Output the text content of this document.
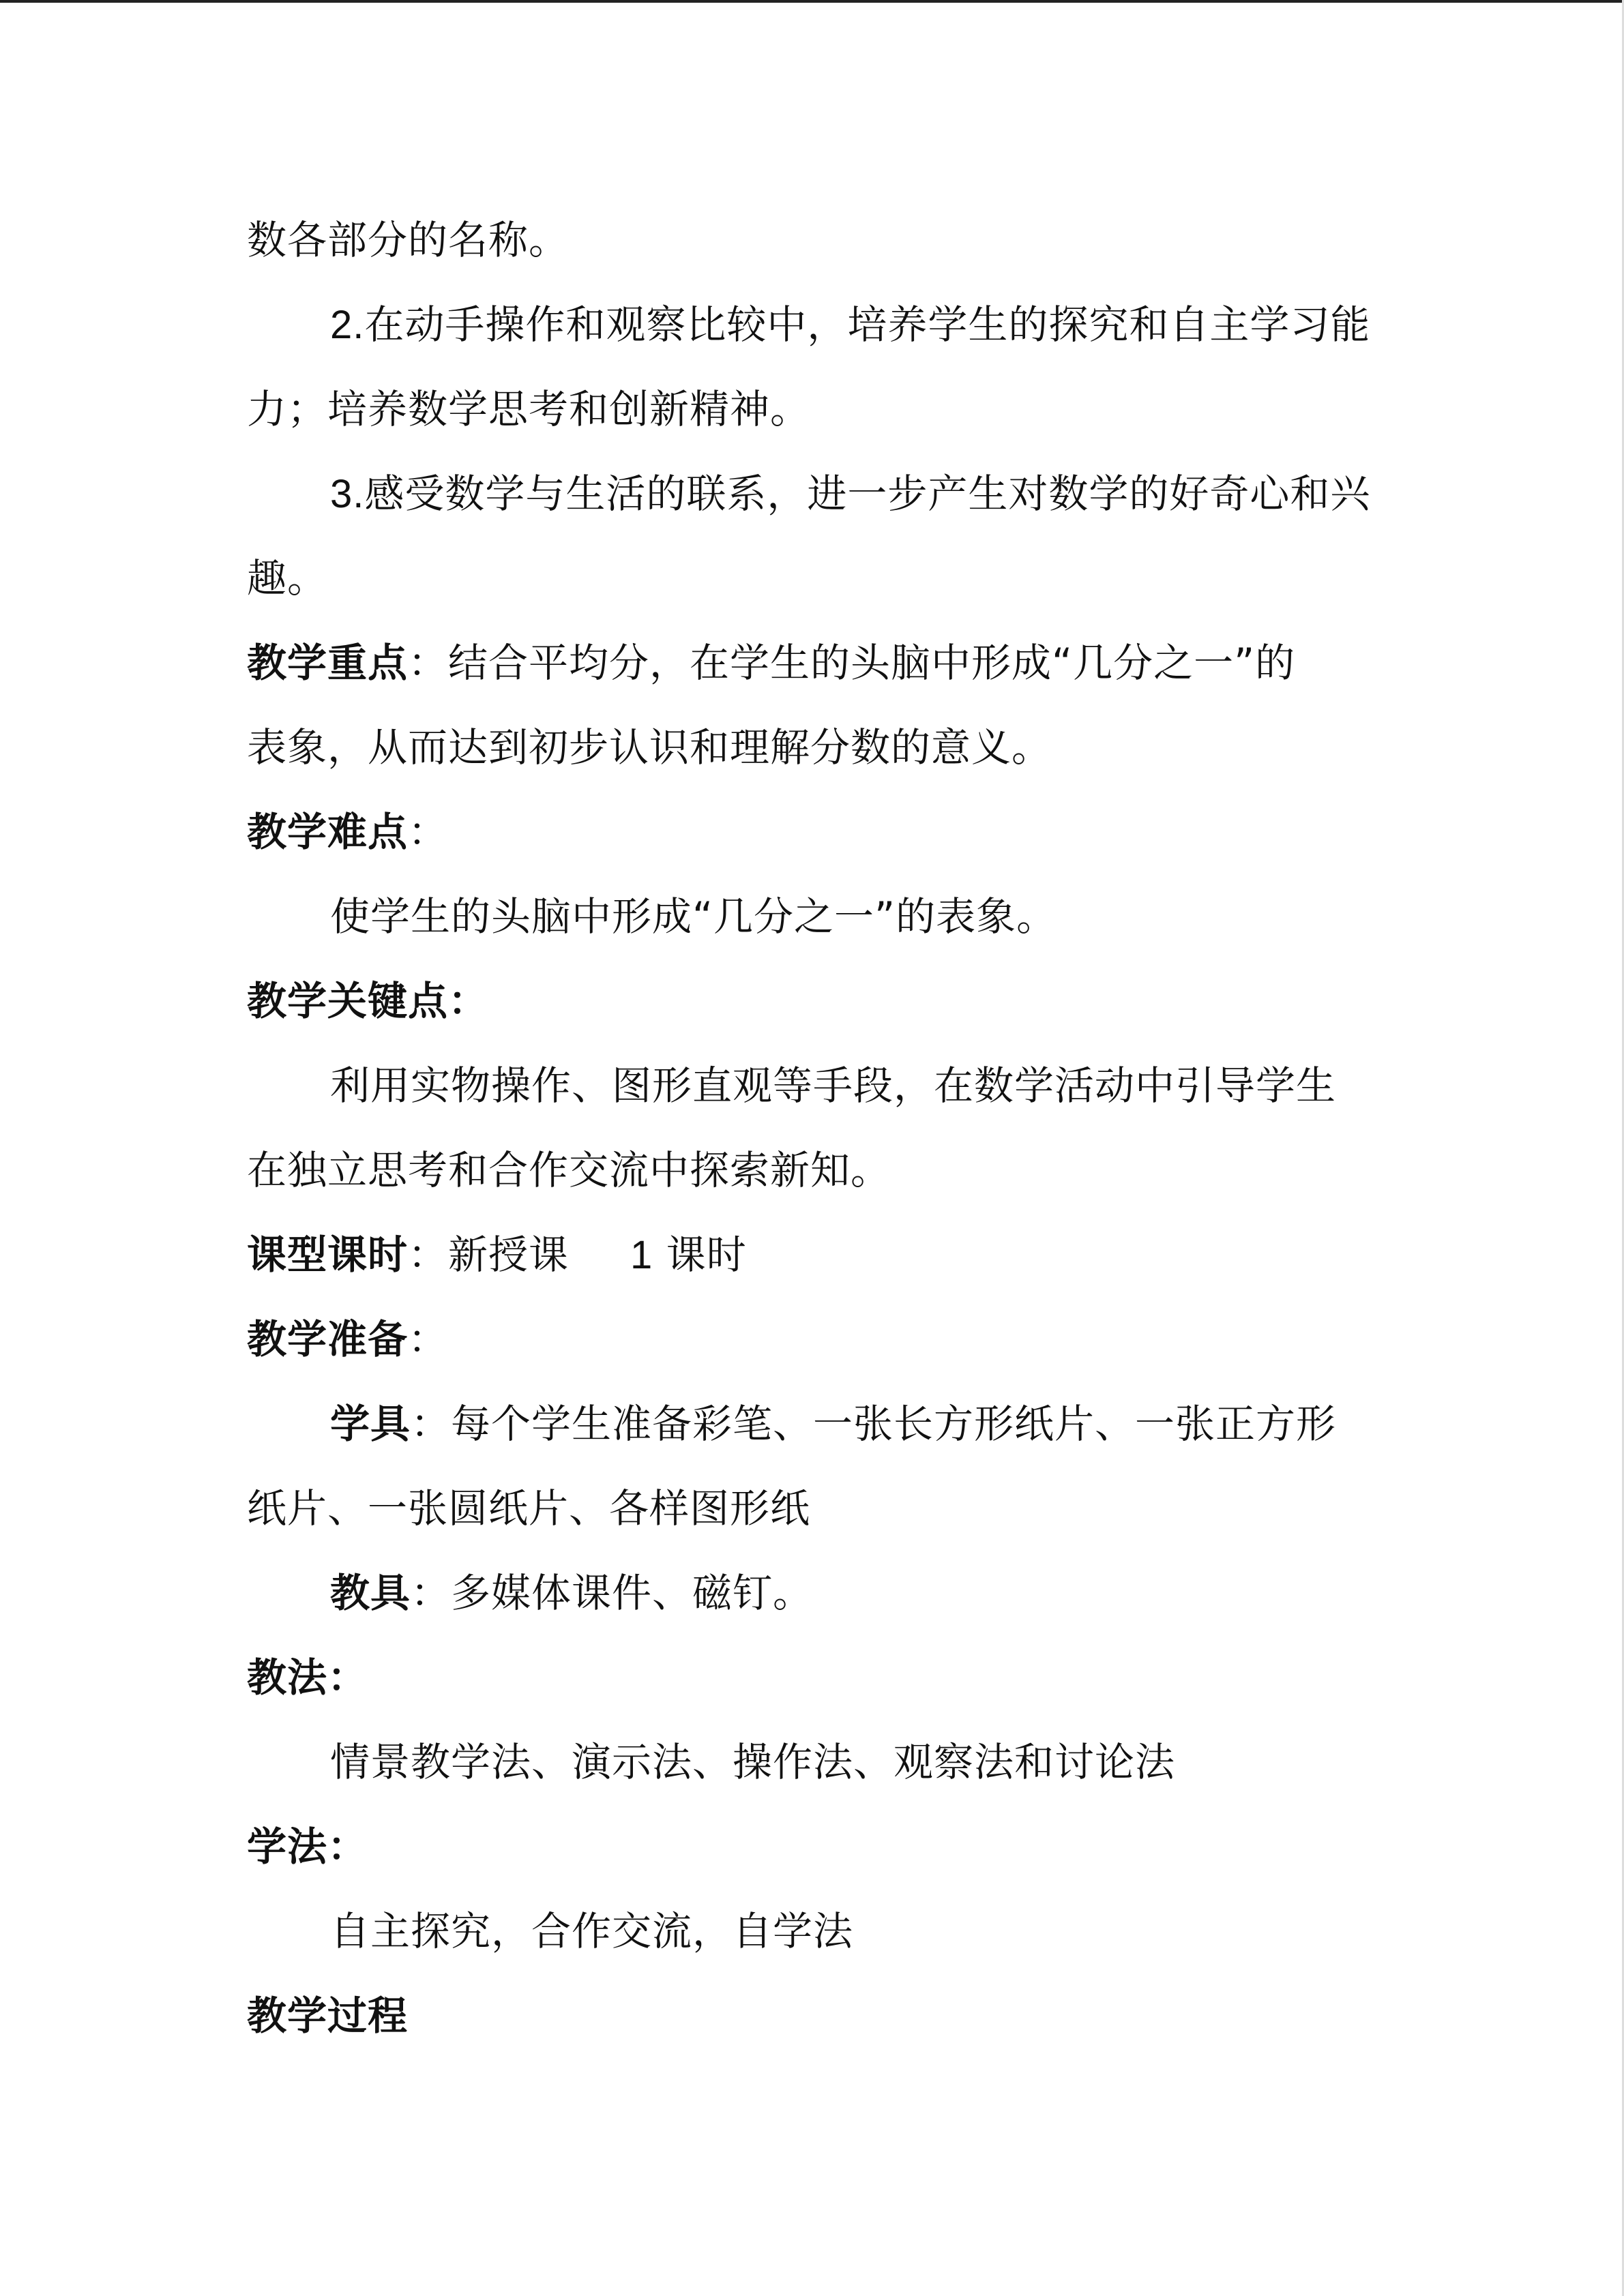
数各部分的名称。
2.在动手操作和观察比较中，培养学生的探究和自主学习能
力；培养数学思考和创新精神。
3.感受数学与生活的联系，进一步产生对数学的好奇心和兴
趣。
教学重点：结合平均分，在学生的头脑中形成“几分之一”的
表象，从而达到初步认识和理解分数的意义。
教学难点：
使学生的头脑中形成“几分之一”的表象。
教学关键点：
利用实物操作、图形直观等手段，在数学活动中引导学生
在独立思考和合作交流中探索新知。
课型课时：新授课 1 课时
教学准备：
学具：每个学生准备彩笔、一张长方形纸片、一张正方形
纸片、一张圆纸片、各样图形纸
教具：多媒体课件、磁钉。
教法：
情景教学法、演示法、操作法、观察法和讨论法
学法：
自主探究，合作交流，自学法
教学过程
